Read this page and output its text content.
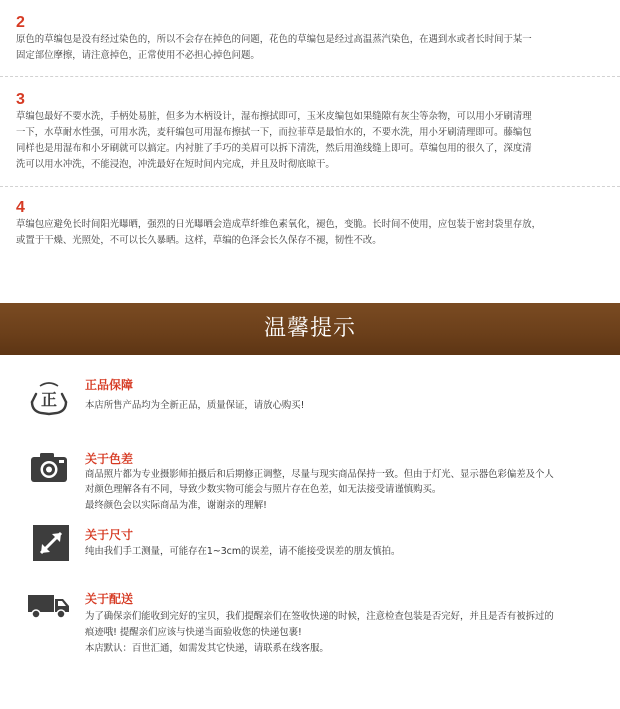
2
原色的草编包是没有经过染色的，所以不会存在掉色的问题，花色的草编包是经过高温蒸汽染色，在遇到水或者长时间于某一
固定部位摩擦，请注意掉色，正常使用不必担心掉色问题。
3
草编包最好不要水洗，手柄处易脏，但多为木柄设计，湿布擦拭即可，玉米皮编包如果缝隙有灰尘等杂物，可以用小牙刷清理
一下，水草耐水性强，可用水洗，麦秆编包可用湿布擦拭一下，而拉菲草是最怕水的，不要水洗，用小牙刷清理即可。藤编包
同样也是用湿布和小牙刷就可以搞定。内衬脏了手巧的美眉可以拆下清洗，然后用渔线缝上即可。草编包用的很久了，深度清
洗可以用水冲洗，不能浸泡，冲洗最好在短时间内完成，并且及时彻底晾干。
4
草编包应避免长时间阳光曝晒，强烈的日光曝晒会造成草纤维色素氧化，褪色，变脆。长时间不使用，应包装于密封袋里存放，
或置于干燥、光照处，不可以长久暴晒。这样，草编的色泽会长久保存不褪，韧性不改。
温馨提示
正
正品保障
本店所售产品均为全新正品，质量保证，请放心购买!
关于色差
商品照片都为专业摄影师拍摄后和后期修正调整，尽量与现实商品保持一致。但由于灯光、显示器色彩偏差及个人
对颜色理解各有不同，导致少数实物可能会与照片存在色差，如无法接受请谨慎购买。
最终颜色会以实际商品为准，谢谢亲的理解!
关于尺寸
纯由我们手工测量，可能存在1~3cm的误差，请不能接受误差的朋友慎拍。
关于配送
为了确保亲们能收到完好的宝贝，我们提醒亲们在签收快递的时候，注意检查包装是否完好，并且是否有被拆过的
痕迹哦! 提醒亲们应该与快递当面验收您的快递包裹!
本店默认：百世汇通，如需发其它快递，请联系在线客服。
